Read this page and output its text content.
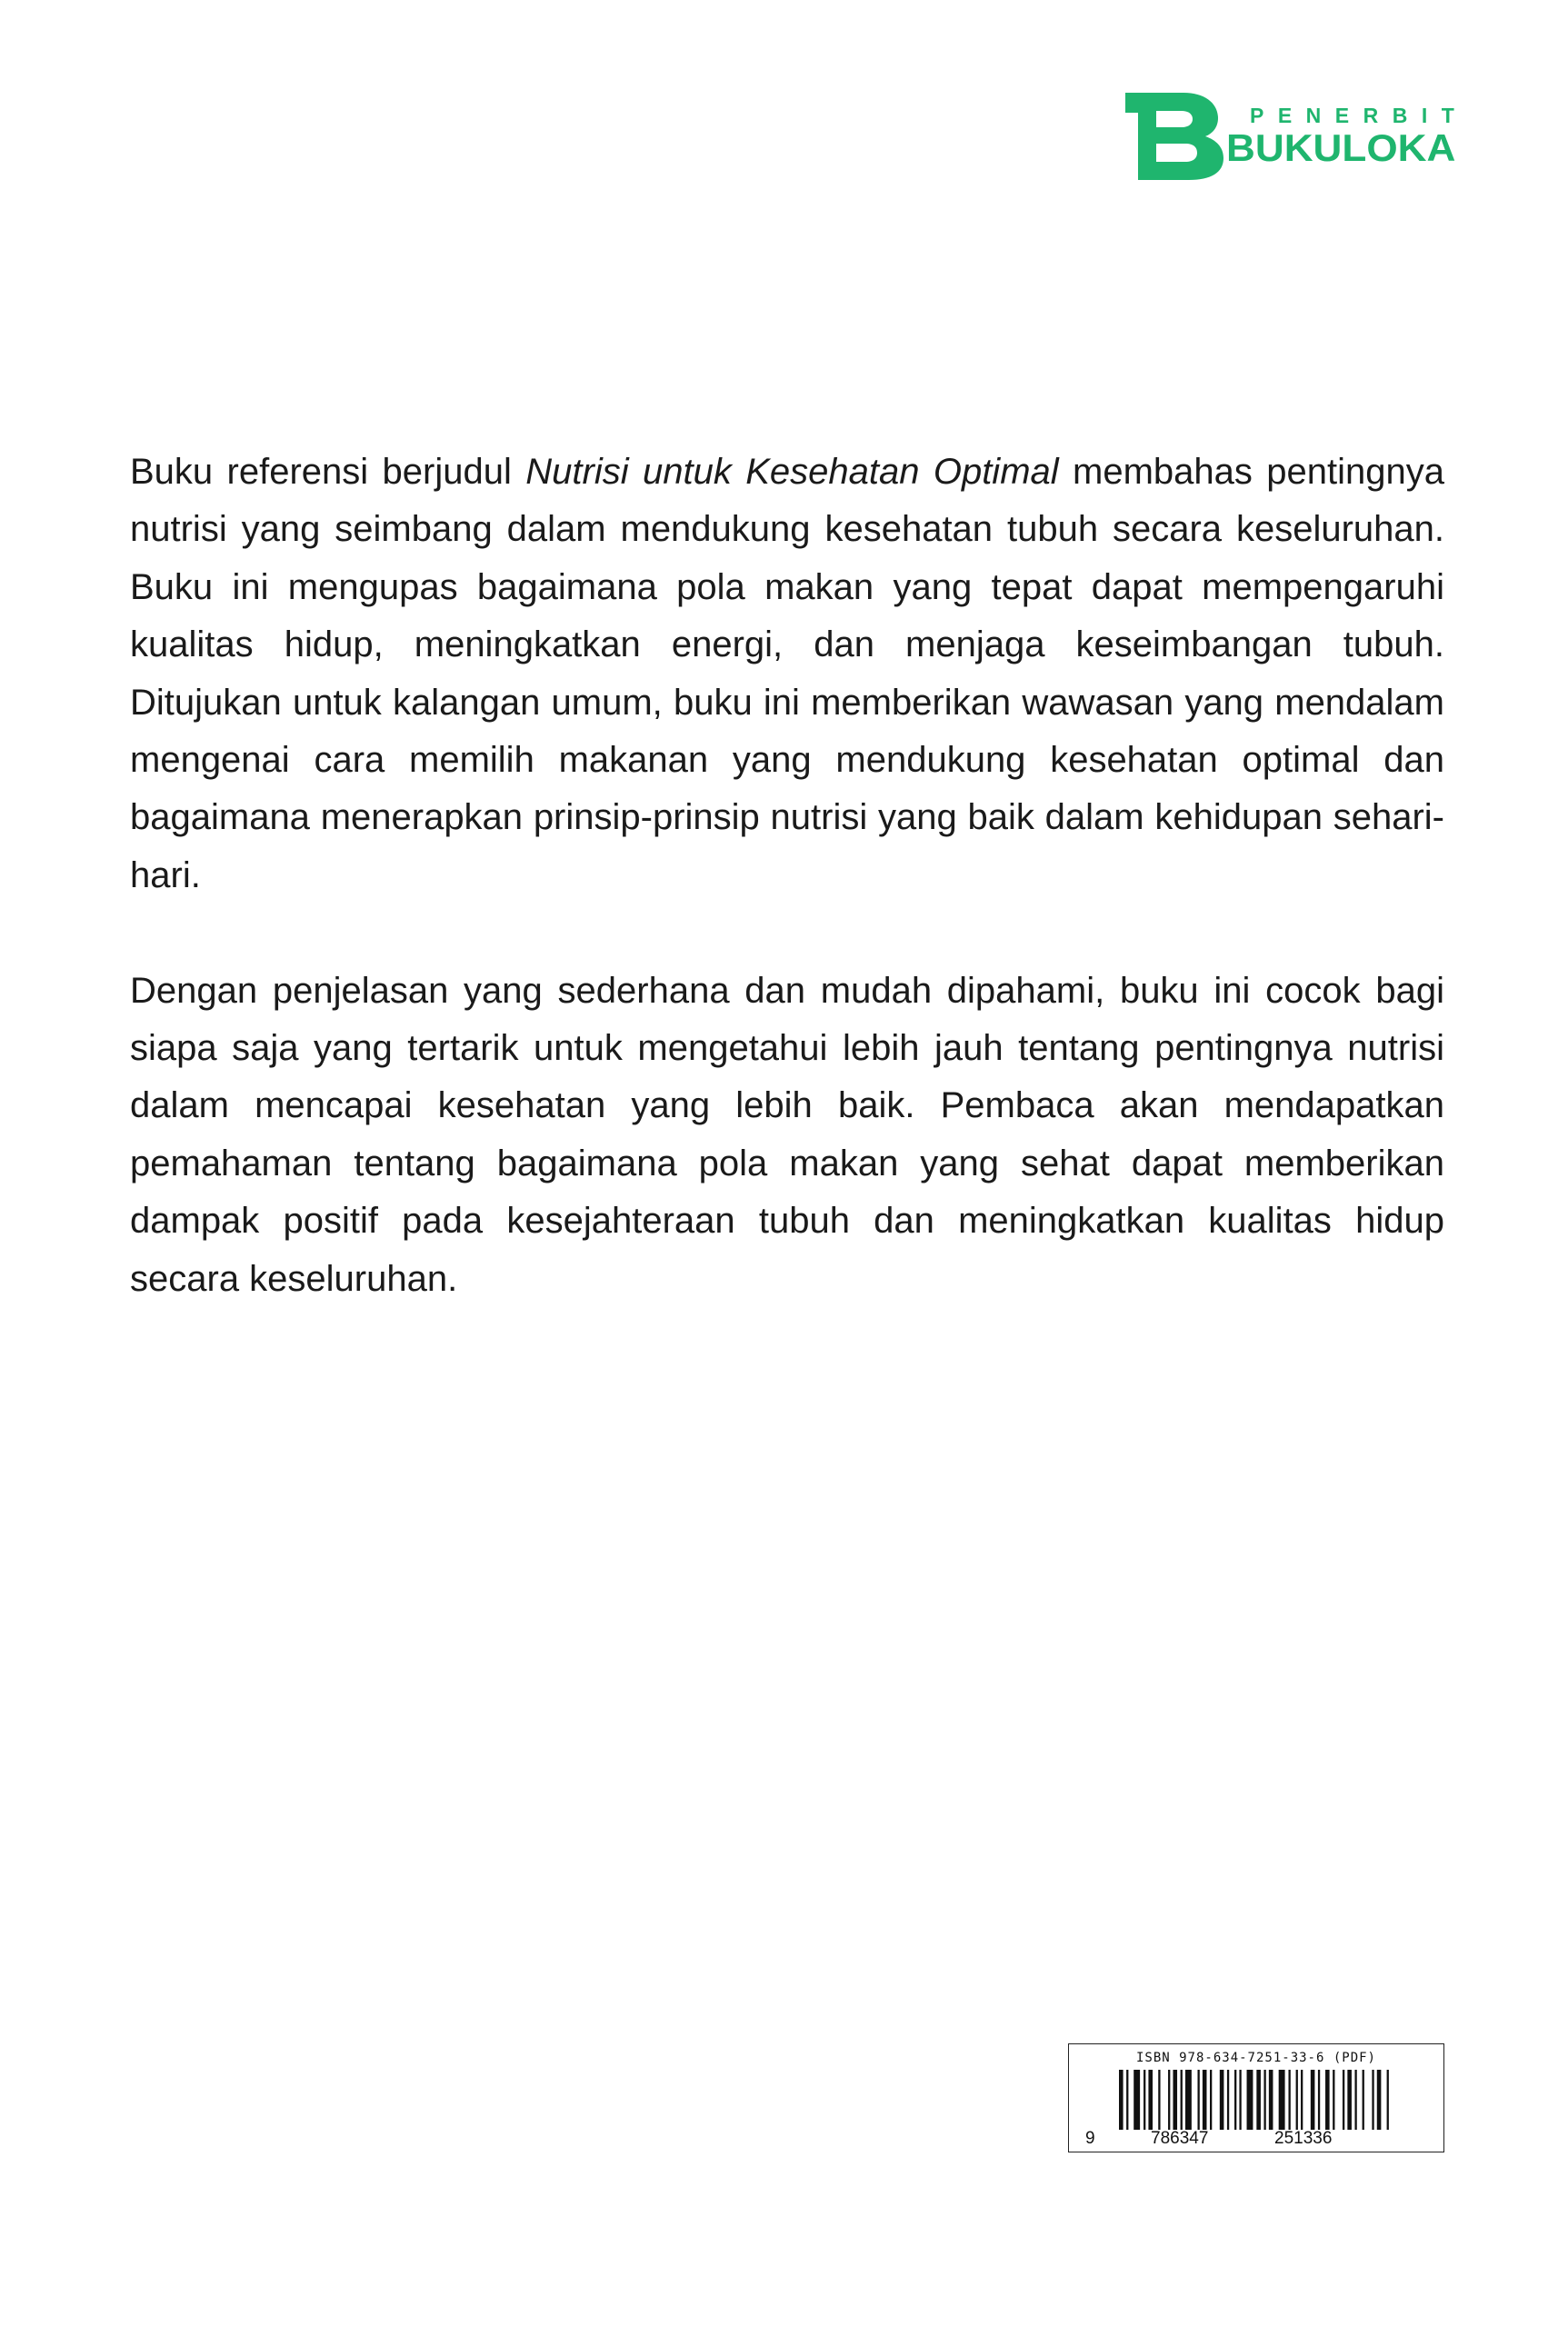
PENERBIT
BUKULOKA

Buku referensi berjudul Nutrisi untuk Kesehatan Optimal membahas pentingnya nutrisi yang seimbang dalam mendukung kesehatan tubuh secara keseluruhan. Buku ini mengupas bagaimana pola makan yang tepat dapat mempengaruhi kualitas hidup, meningkatkan energi, dan menjaga keseimbangan tubuh. Ditujukan untuk kalangan umum, buku ini memberikan wawasan yang mendalam mengenai cara memilih makanan yang mendukung kesehatan optimal dan bagaimana menerapkan prinsip-prinsip nutrisi yang baik dalam kehidupan sehari-hari.

Dengan penjelasan yang sederhana dan mudah dipahami, buku ini cocok bagi siapa saja yang tertarik untuk mengetahui lebih jauh tentang pentingnya nutrisi dalam mencapai kesehatan yang lebih baik. Pembaca akan mendapatkan pemahaman tentang bagaimana pola makan yang sehat dapat memberikan dampak positif pada kesejahteraan tubuh dan meningkatkan kualitas hidup secara keseluruhan.

ISBN 978-634-7251-33-6 (PDF)
9	786347	251336
